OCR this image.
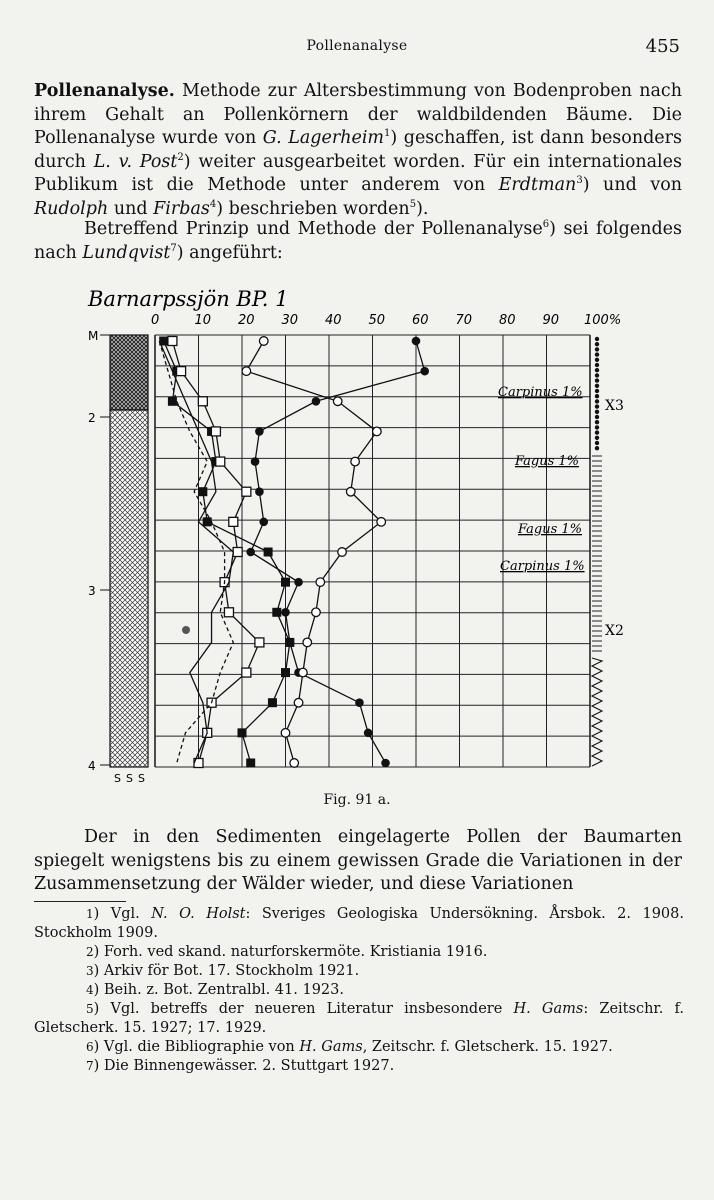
Pollenanalyse	455
Pollenanalyse. Methode zur Altersbestimmung von Bodenproben nach ihrem Gehalt an Pollenkörnern der waldbildenden Bäume. Die Pollenanalyse wurde von G. Lagerheim$^1$) geschaffen, ist dann besonders durch L. v. Post$^2$) weiter ausgearbeitet worden. Für ein internationales Publikum ist die Methode unter anderem von Erdtman$^3$) und von Rudolph und Firbas$^4$) beschrieben worden$^5$).
Betreffend Prinzip und Methode der Pollenanalyse$^6$) sei folgendes nach Lundqvist$^7$) angeführt:
Barnarpssjön BP. 1
0	10 20 30 40 50 60 70 80 90 100%
M
2
3
4
S S S
X3
X2
Carpinus 1%
Fagus 1%
Fagus 1%
Carpinus 1%
Fig. 91 a.
Der in den Sedimenten eingelagerte Pollen der Baumarten spiegelt wenigstens bis zu einem gewissen Grade die Variationen in der Zusammensetzung der Wälder wieder, und diese Variationen
1) Vgl. N. O. Holst: Sveriges Geologiska Undersökning. Årsbok. 2. 1908. Stockholm 1909.
2) Forh. ved skand. naturforskermöte. Kristiania 1916.
3) Arkiv för Bot. 17. Stockholm 1921.
4) Beih. z. Bot. Zentralbl. 41. 1923.
5) Vgl. betreffs der neueren Literatur insbesondere H. Gams: Zeitschr. f. Gletscherk. 15. 1927; 17. 1929.
6) Vgl. die Bibliographie von H. Gams, Zeitschr. f. Gletscherk. 15. 1927.
7) Die Binnengewässer. 2. Stuttgart 1927.
